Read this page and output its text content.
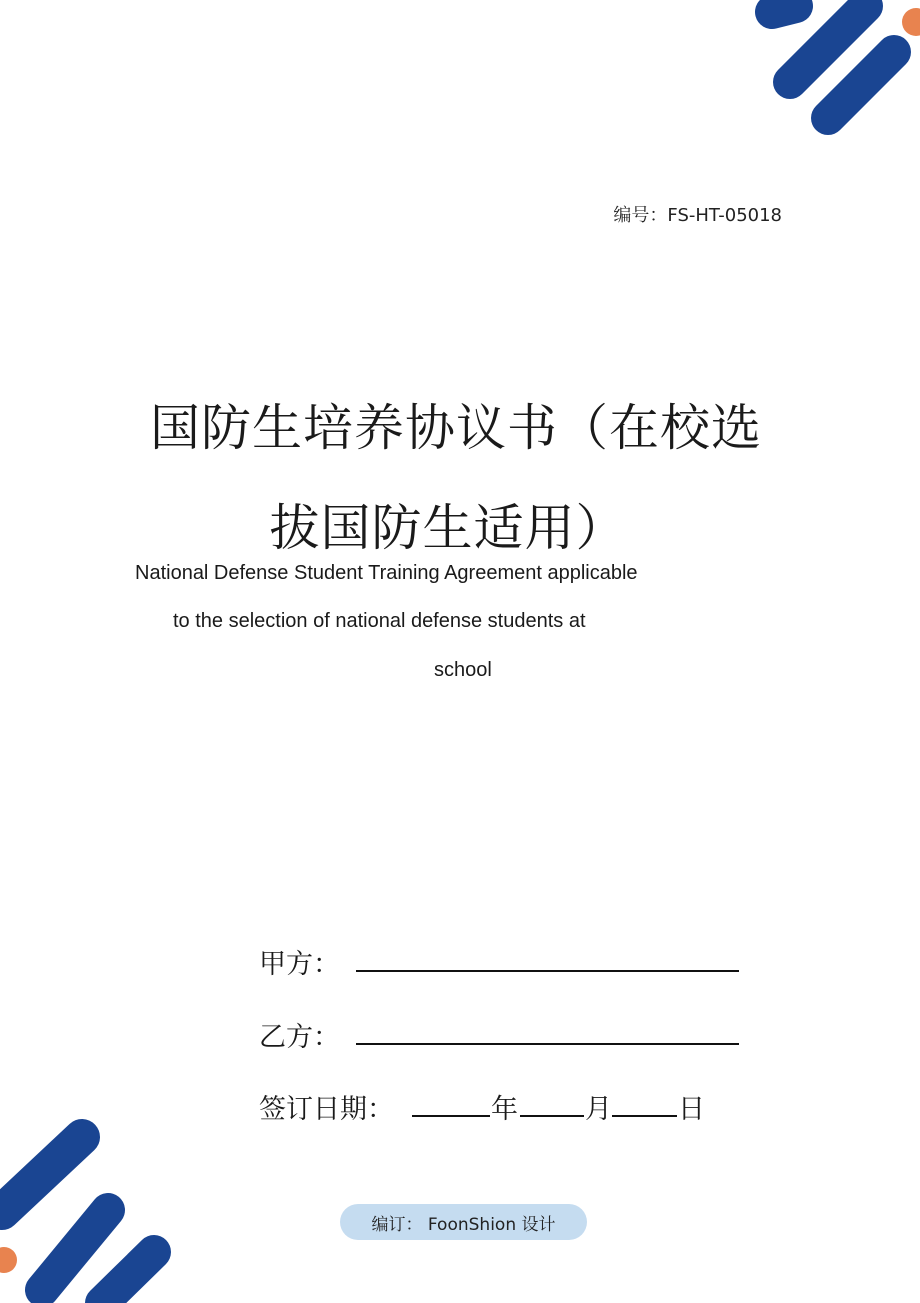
编号：FS-HT-05018
国防生培养协议书（在校选
拔国防生适用）
National Defense Student Training Agreement applicable
to the selection of national defense students at
school
甲方：
乙方：
签订日期：	年 月 日
编订： FoonShion 设计
